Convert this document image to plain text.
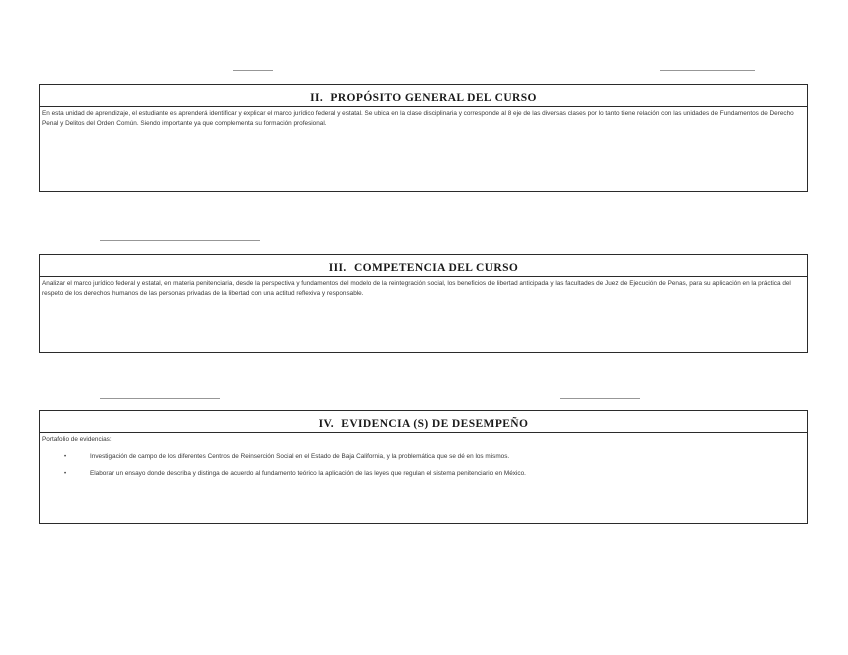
II. PROPÓSITO GENERAL DEL CURSO
En esta unidad de aprendizaje, el estudiante es aprenderá identificar y explicar el marco jurídico federal y estatal. Se ubica en la clase disciplinaria y corresponde al 8 eje de las diversas clases por lo tanto tiene relación con las unidades de Fundamentos de Derecho Penal y Delitos del Orden Común. Siendo importante ya que complementa su formación profesional.
III. COMPETENCIA DEL CURSO
Analizar el marco jurídico federal y estatal, en materia penitenciaria, desde la perspectiva y fundamentos del modelo de la reintegración social, los beneficios de libertad anticipada y las facultades de Juez de Ejecución de Penas, para su aplicación en la práctica del respeto de los derechos humanos de las personas privadas de la libertad con una actitud reflexiva y responsable.
IV. EVIDENCIA (S) DE DESEMPEÑO
Portafolio de evidencias:
•	Investigación de campo de los diferentes Centros de Reinserción Social en el Estado de Baja California, y la problemática que se dé en los mismos.
•	Elaborar un ensayo donde describa y distinga de acuerdo al fundamento teórico la aplicación de las leyes que regulan el sistema penitenciario en México.
